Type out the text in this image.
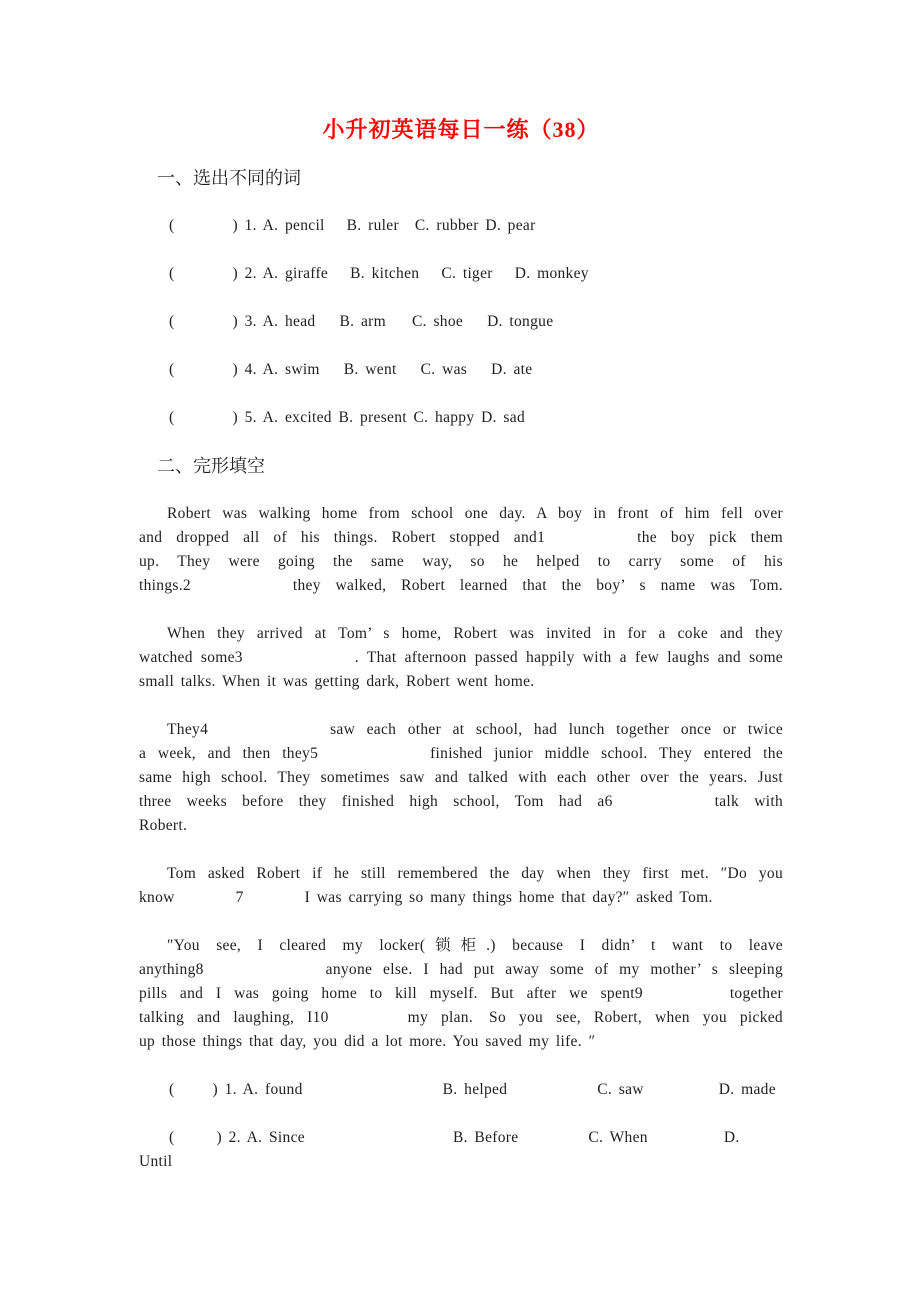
小升初英语每日一练（38）
一、选出不同的词
(	) 1. A. pencil B. ruler C. rubber D. pear
(	) 2. A. giraffe B. kitchen C. tiger D. monkey
(	) 3. A. head B. arm C. shoe D. tongue
(	) 4. A. swim B. went C. was D. ate
(	) 5. A. excited B. present C. happy D. sad
二、完形填空
Robert was walking home from school one day. A boy in front of him fell over
and dropped all of his things. Robert stopped and1	the boy pick them
up. They were going the same way, so he helped to carry some of his
things.2	they walked, Robert learned that the boy’ s name was Tom.
When they arrived at Tom’ s home, Robert was invited in for a coke and they
watched some3	. That afternoon passed happily with a few laughs and some
small talks. When it was getting dark, Robert went home.
They4	saw each other at school, had lunch together once or twice
a week, and then they5	finished junior middle school. They entered the
same high school. They sometimes saw and talked with each other over the years. Just
three weeks before they finished high school, Tom had a6	talk with
Robert.
Tom asked Robert if he still remembered the day when they first met. ″Do you
know	7	I was carrying so many things home that day?″ asked Tom.
″You see, I cleared my locker(锁柜.) because I didn’ t want to leave
anything8	anyone else. I had put away some of my mother’ s sleeping
pills and I was going home to kill myself. But after we spent9	together
talking and laughing, I10	my plan. So you see, Robert, when you picked
up those things that day, you did a lot more. You saved my life. ″
( ) 1. A. found	B. helped	C. saw	D. made
(	) 2. A. Since	B. Before	C. When	D.
Until
